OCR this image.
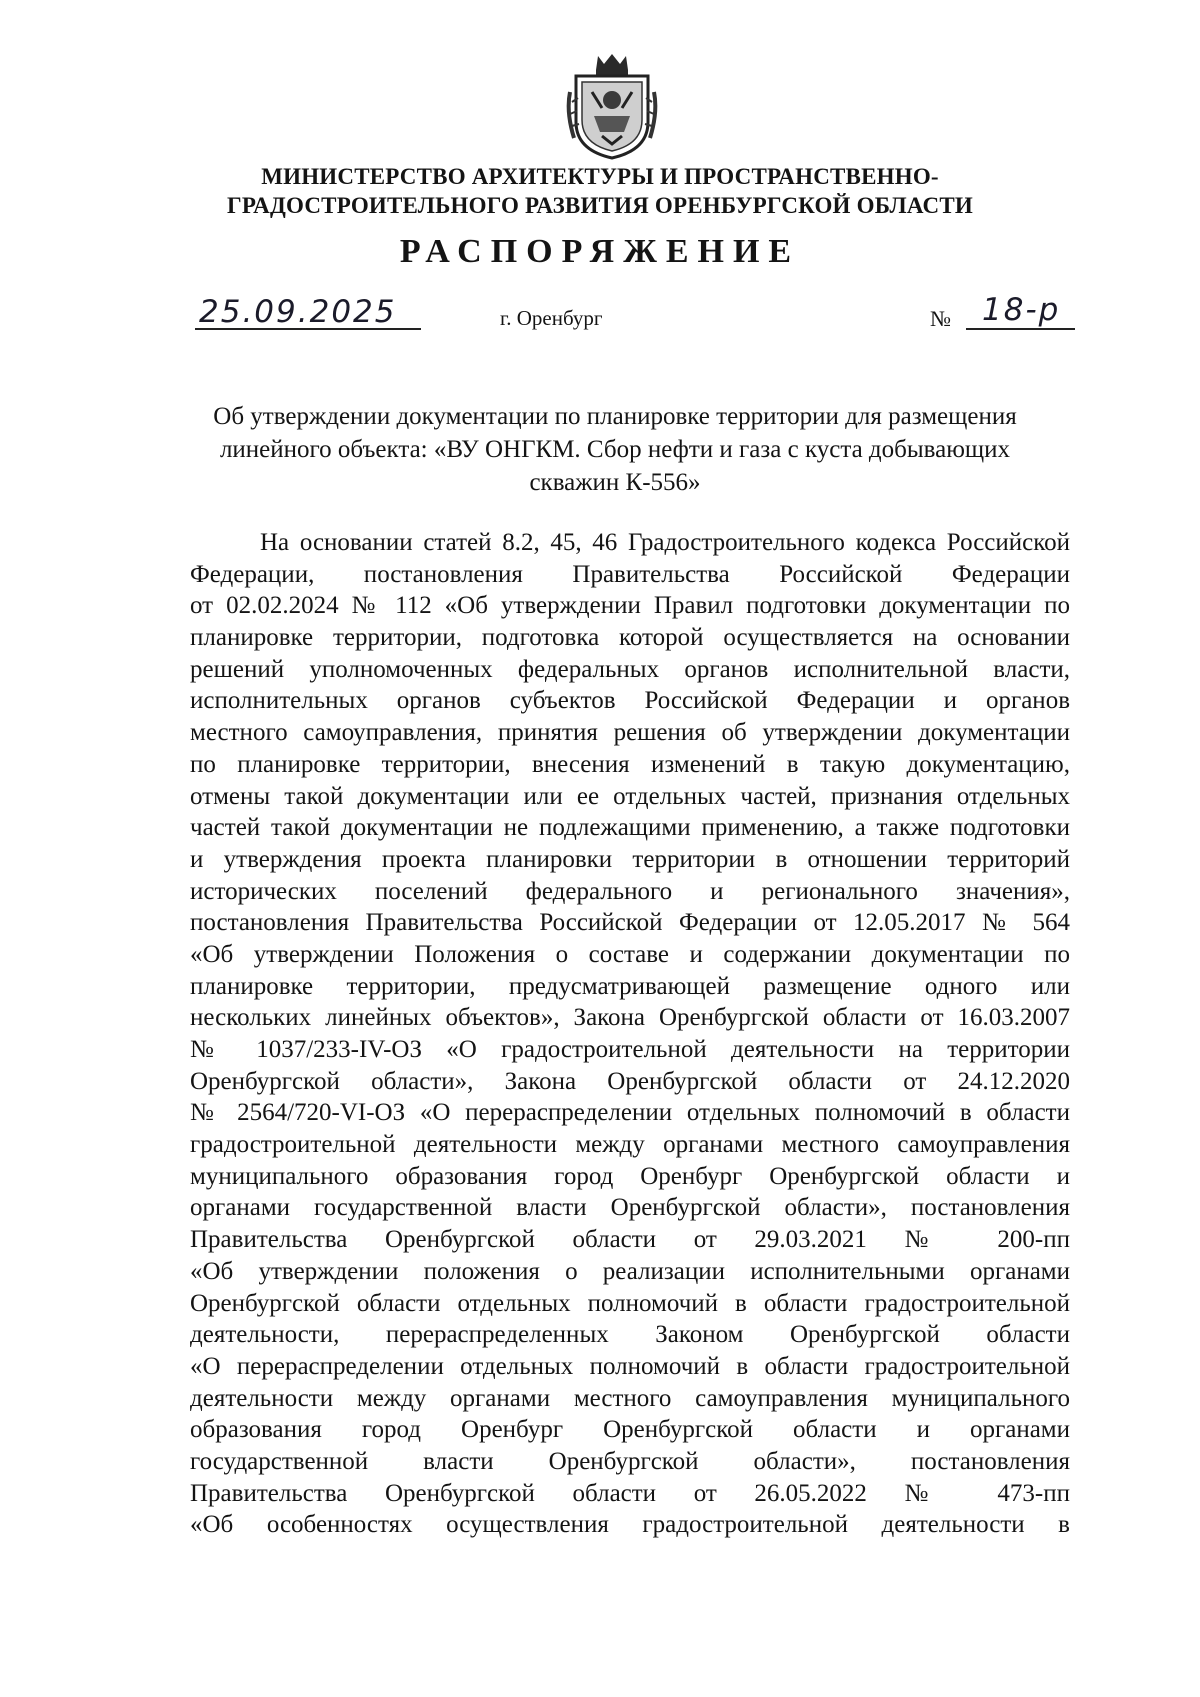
МИНИСТЕРСТВО АРХИТЕКТУРЫ И ПРОСТРАНСТВЕННО-
ГРАДОСТРОИТЕЛЬНОГО РАЗВИТИЯ ОРЕНБУРГСКОЙ ОБЛАСТИ
РАСПОРЯЖЕНИЕ
25.09.2025	г. Оренбург	№ 18-р
Об утверждении документации по планировке территории для размещения
линейного объекта: «ВУ ОНГКМ. Сбор нефти и газа с куста добывающих
скважин К-556»
На основании статей 8.2, 45, 46 Градостроительного кодекса Российской
Федерации, постановления Правительства Российской Федерации
от 02.02.2024 № 112 «Об утверждении Правил подготовки документации по
планировке территории, подготовка которой осуществляется на основании
решений уполномоченных федеральных органов исполнительной власти,
исполнительных органов субъектов Российской Федерации и органов
местного самоуправления, принятия решения об утверждении документации
по планировке территории, внесения изменений в такую документацию,
отмены такой документации или ее отдельных частей, признания отдельных
частей такой документации не подлежащими применению, а также подготовки
и утверждения проекта планировки территории в отношении территорий
исторических поселений федерального и регионального значения»,
постановления Правительства Российской Федерации от 12.05.2017 № 564
«Об утверждении Положения о составе и содержании документации по
планировке территории, предусматривающей размещение одного или
нескольких линейных объектов», Закона Оренбургской области от 16.03.2007
№ 1037/233-IV-ОЗ «О градостроительной деятельности на территории
Оренбургской области», Закона Оренбургской области от 24.12.2020
№ 2564/720-VI-ОЗ «О перераспределении отдельных полномочий в области
градостроительной деятельности между органами местного самоуправления
муниципального образования город Оренбург Оренбургской области и
органами государственной власти Оренбургской области», постановления
Правительства Оренбургской области от 29.03.2021 № 200-пп
«Об утверждении положения о реализации исполнительными органами
Оренбургской области отдельных полномочий в области градостроительной
деятельности, перераспределенных Законом Оренбургской области
«О перераспределении отдельных полномочий в области градостроительной
деятельности между органами местного самоуправления муниципального
образования город Оренбург Оренбургской области и органами
государственной власти Оренбургской области», постановления
Правительства Оренбургской области от 26.05.2022 № 473-пп
«Об особенностях осуществления градостроительной деятельности в
